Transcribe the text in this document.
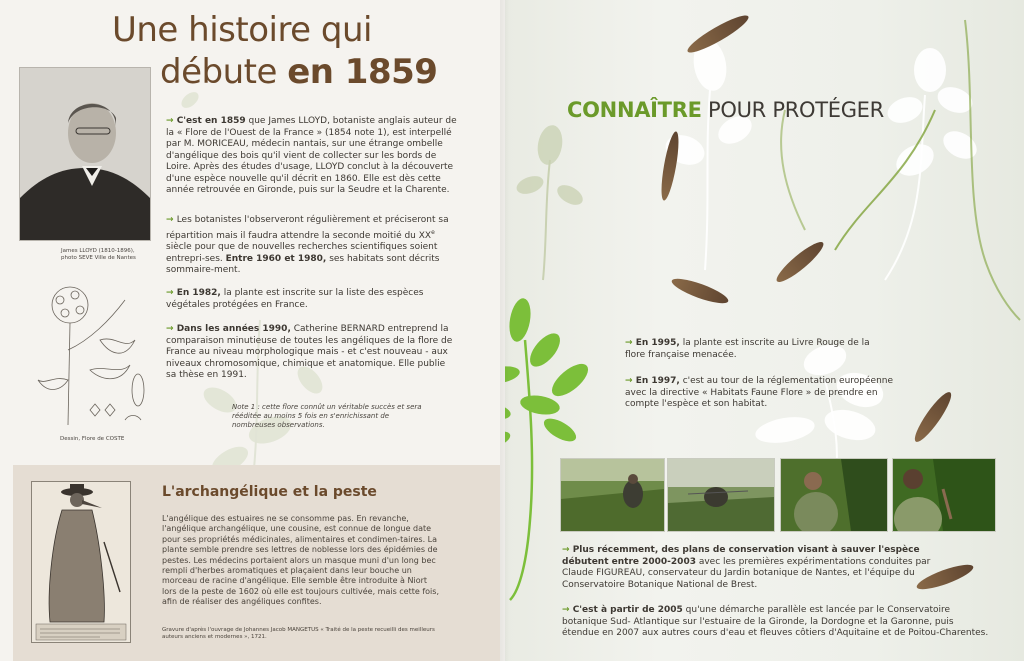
Une histoire qui
débute en 1859
James LLOYD (1810-1896),
photo SEVE Ville de Nantes
Dessin, Flore de COSTE
→ C'est en 1859 que James LLOYD, botaniste anglais auteur de la « Flore de l'Ouest de la France » (1854 note 1), est interpellé par M. MORICEAU, médecin nantais, sur une étrange ombelle d'angélique des bois qu'il vient de collecter sur les bords de Loire. Après des études d'usage, LLOYD conclut à la découverte d'une espèce nouvelle qu'il décrit en 1860. Elle est dès cette année retrouvée en Gironde, puis sur la Seudre et la Charente.
→ Les botanistes l'observeront régulièrement et préciseront sa répartition mais il faudra attendre la seconde moitié du XXe siècle pour que de nouvelles recherches scientifiques soient entrepri-ses. Entre 1960 et 1980, ses habitats sont décrits sommaire-ment.
→ En 1982, la plante est inscrite sur la liste des espèces végétales protégées en France.
→ Dans les années 1990, Catherine BERNARD entreprend la comparaison minutieuse de toutes les angéliques de la flore de France au niveau morphologique mais - et c'est nouveau - aux niveaux chromosomique, chimique et anatomique. Elle publie sa thèse en 1991.
Note 1 : cette flore connût un véritable succès et sera rééditée au moins 5 fois en s'enrichissant de nombreuses observations.
L'archangélique et la peste
L'angélique des estuaires ne se consomme pas. En revanche, l'angélique archangélique, une cousine, est connue de longue date pour ses propriétés médicinales, alimentaires et condimen-taires. La plante semble prendre ses lettres de noblesse lors des épidémies de pestes. Les médecins portaient alors un masque muni d'un long bec rempli d'herbes aromatiques et plaçaient dans leur bouche un morceau de racine d'angélique. Elle semble être introduite à Niort lors de la peste de 1602 où elle est toujours cultivée, mais cette fois, afin de réaliser des angéliques confites.
Gravure d'après l'ouvrage de Johannes Jacob MANGETUS « Traité de la peste recueilli des meilleurs auteurs anciens et modernes », 1721.
CONNAÎTRE POUR PROTÉGER
→ En 1995, la plante est inscrite au Livre Rouge de la flore française menacée.
→ En 1997, c'est au tour de la réglementation européenne avec la directive « Habitats Faune Flore » de prendre en compte l'espèce et son habitat.
→ Plus récemment, des plans de conservation visant à sauver l'espèce débutent entre 2000-2003 avec les premières expérimentations conduites par Claude FIGUREAU, conservateur du Jardin botanique de Nantes, et l'équipe du Conservatoire Botanique National de Brest.
→ C'est à partir de 2005 qu'une démarche parallèle est lancée par le Conservatoire botanique Sud- Atlantique sur l'estuaire de la Gironde, la Dordogne et la Garonne, puis étendue en 2007 aux autres cours d'eau et fleuves côtiers d'Aquitaine et de Poitou-Charentes.
